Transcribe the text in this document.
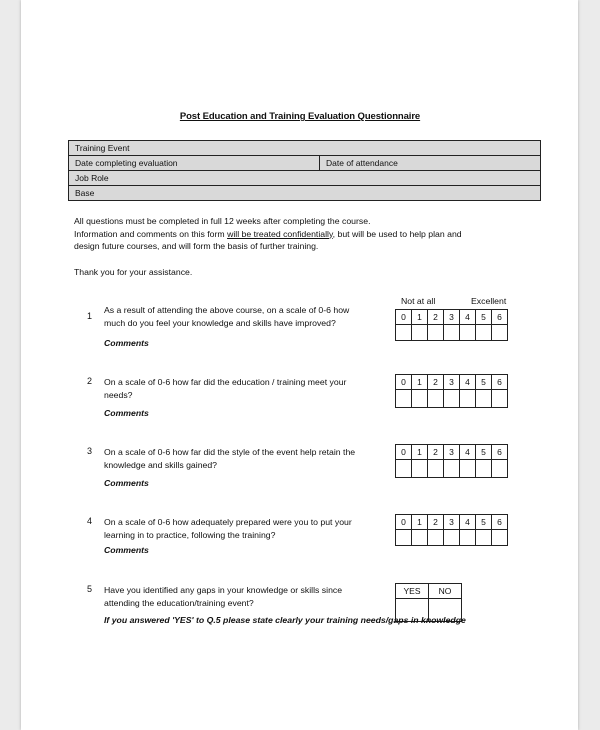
Post Education and Training Evaluation Questionnaire
Training Event
Date completing evaluation	Date of attendance
Job Role
Base
All questions must be completed in full 12 weeks after completing the course.
Information and comments on this form will be treated confidentially, but will be used to help plan and
design future courses, and will form the basis of further training.
Thank you for your assistance.
Not at all	Excellent
1
As a result of attending the above course, on a scale of 0-6 how
much do you feel your knowledge and skills have improved?
Comments
0	1	2	3	4	5	6

2 On a scale of 0-6 how far did the education / training meet your
needs?
Comments
0	1	2	3	4	5	6

3 On a scale of 0-6 how far did the style of the event help retain the
knowledge and skills gained?
Comments
0	1	2	3	4	5	6

4 On a scale of 0-6 how adequately prepared were you to put your
learning in to practice, following the training?
Comments
0	1	2	3	4	5	6

5 Have you identified any gaps in your knowledge or skills since
attending the education/training event?
YES	NO

If you answered 'YES' to Q.5 please state clearly your training needs/gaps in knowledge
